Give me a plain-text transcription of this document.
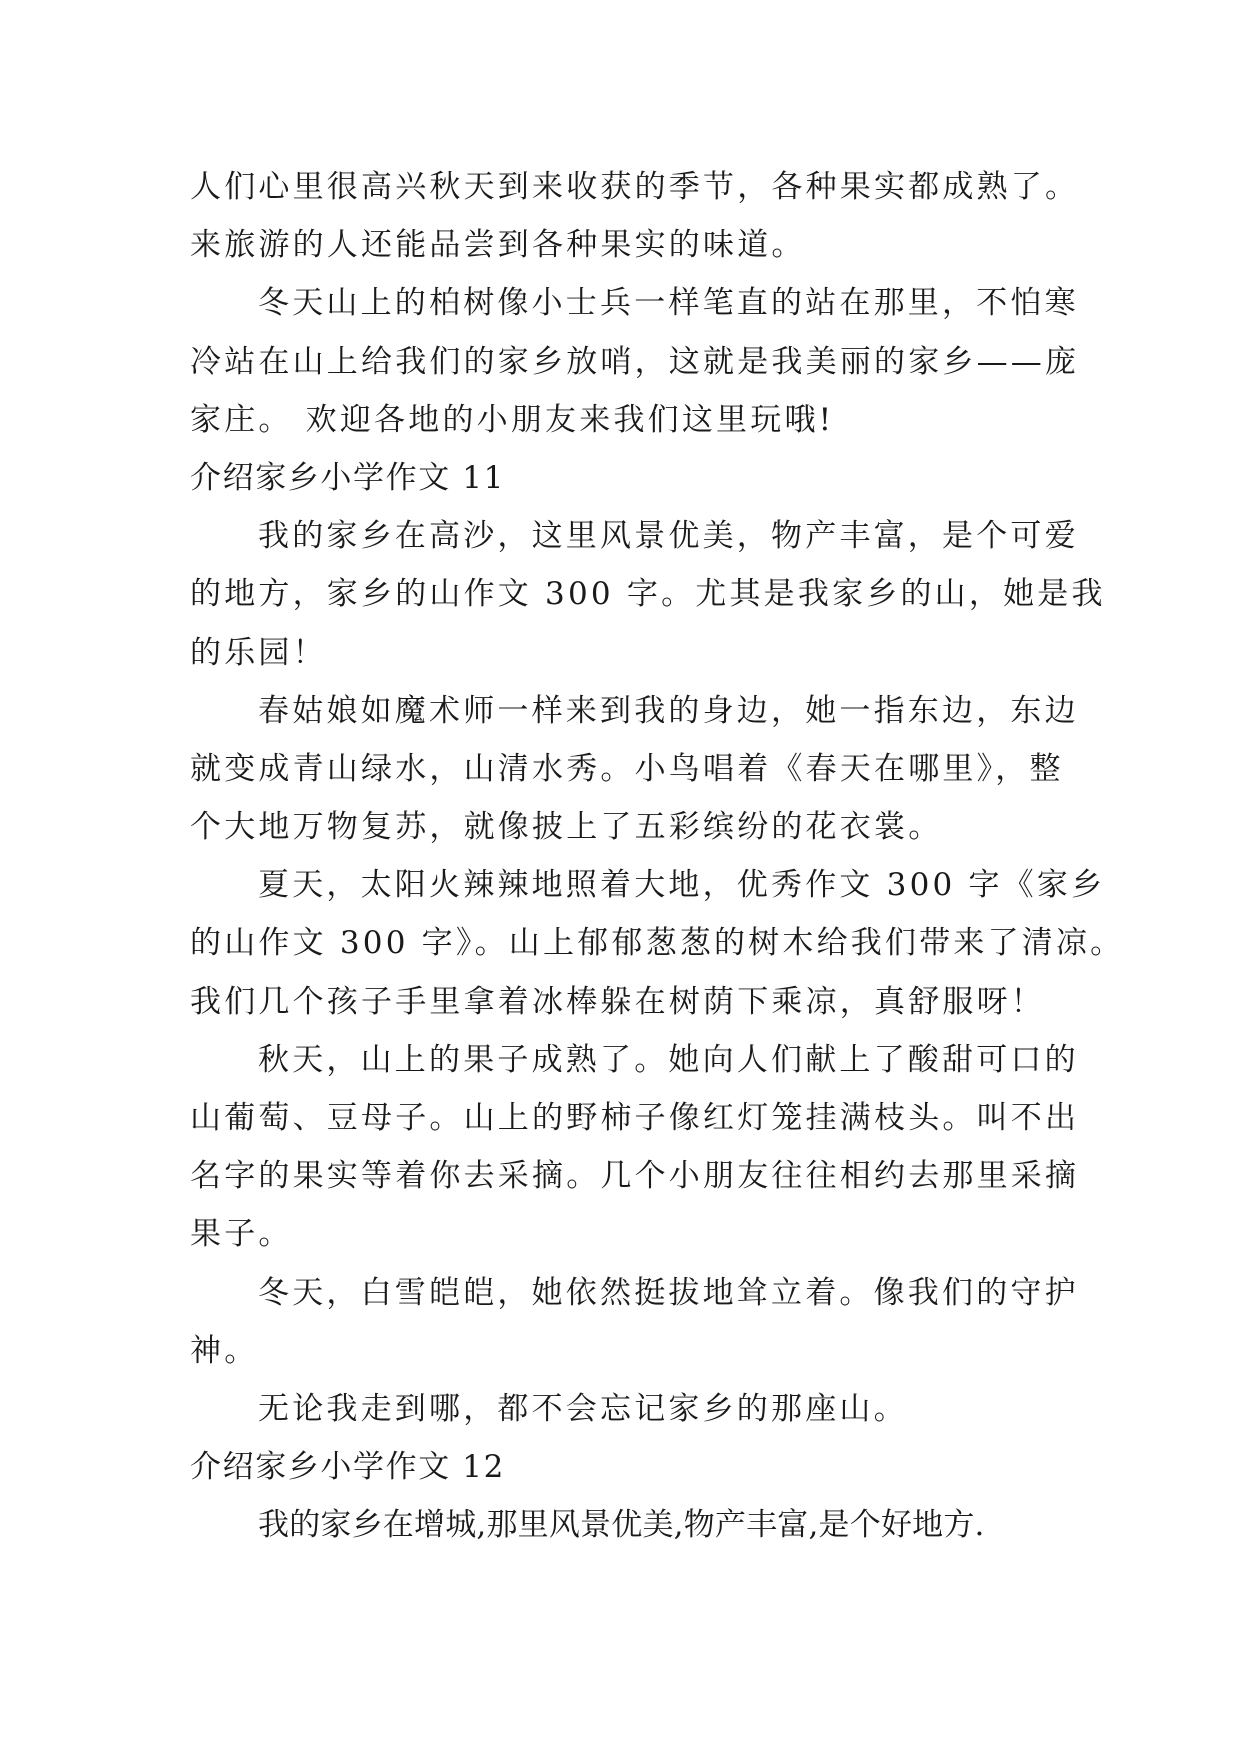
人们心里很高兴秋天到来收获的季节，各种果实都成熟了。
来旅游的人还能品尝到各种果实的味道。
冬天山上的柏树像小士兵一样笔直的站在那里，不怕寒
冷站在山上给我们的家乡放哨，这就是我美丽的家乡——庞
家庄。 欢迎各地的小朋友来我们这里玩哦!
介绍家乡小学作文 11
我的家乡在高沙，这里风景优美，物产丰富，是个可爱
的地方，家乡的山作文 300 字。尤其是我家乡的山，她是我
的乐园！
春姑娘如魔术师一样来到我的身边，她一指东边，东边
就变成青山绿水，山清水秀。小鸟唱着《春天在哪里》，整
个大地万物复苏，就像披上了五彩缤纷的花衣裳。
夏天，太阳火辣辣地照着大地，优秀作文 300 字《家乡
的山作文 300 字》。山上郁郁葱葱的树木给我们带来了清凉。
我们几个孩子手里拿着冰棒躲在树荫下乘凉，真舒服呀！
秋天，山上的果子成熟了。她向人们献上了酸甜可口的
山葡萄、豆母子。山上的野柿子像红灯笼挂满枝头。叫不出
名字的果实等着你去采摘。几个小朋友往往相约去那里采摘
果子。
冬天，白雪皑皑，她依然挺拔地耸立着。像我们的守护
神。
无论我走到哪，都不会忘记家乡的那座山。
介绍家乡小学作文 12
我的家乡在增城,那里风景优美,物产丰富,是个好地方.
